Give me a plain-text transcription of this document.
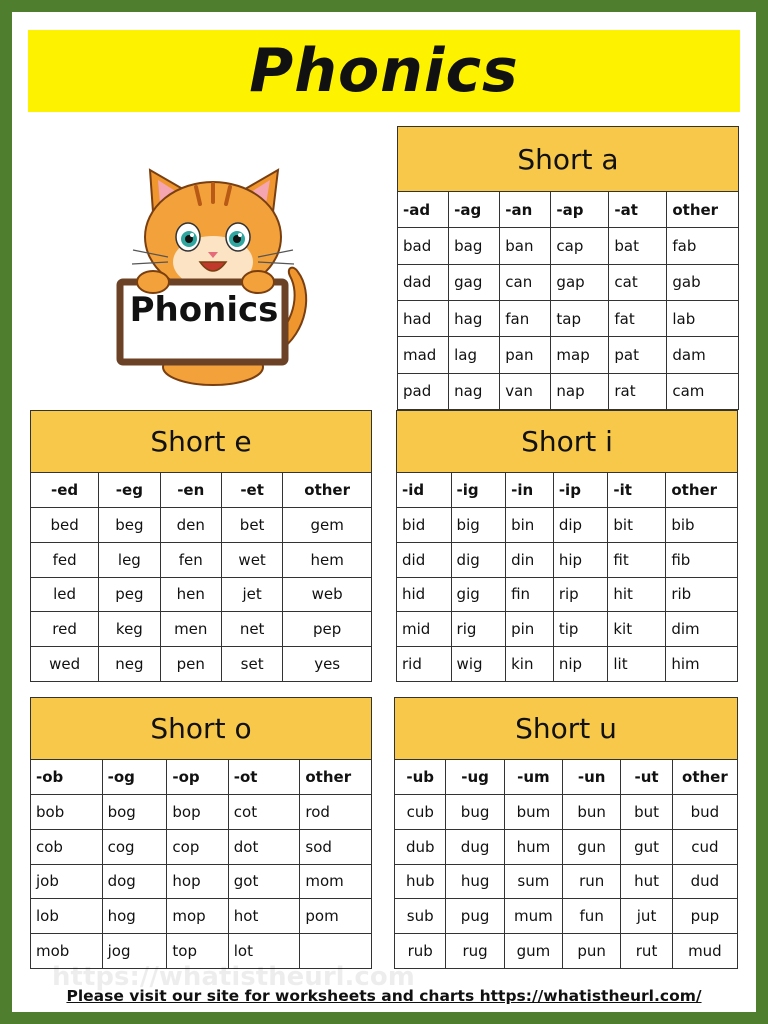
Phonics
Phonics
Short a					
-ad	-ag	-an	-ap	-at	other
bad	bag	ban	cap	bat	fab
dad	gag	can	gap	cat	gab
had	hag	fan	tap	fat	lab
mad	lag	pan	map	pat	dam
pad	nag	van	nap	rat	cam
Short e				
-ed	-eg	-en	-et	other
bed	beg	den	bet	gem
fed	leg	fen	wet	hem
led	peg	hen	jet	web
red	keg	men	net	pep
wed	neg	pen	set	yes
Short i					
-id	-ig	-in	-ip	-it	other
bid	big	bin	dip	bit	bib
did	dig	din	hip	fit	fib
hid	gig	fin	rip	hit	rib
mid	rig	pin	tip	kit	dim
rid	wig	kin	nip	lit	him
Short o				
-ob	-og	-op	-ot	other
bob	bog	bop	cot	rod
cob	cog	cop	dot	sod
job	dog	hop	got	mom
lob	hog	mop	hot	pom
mob	jog	top	lot	
Short u					
-ub	-ug	-um	-un	-ut	other
cub	bug	bum	bun	but	bud
dub	dug	hum	gun	gut	cud
hub	hug	sum	run	hut	dud
sub	pug	mum	fun	jut	pup
rub	rug	gum	pun	rut	mud
https://whatistheurl.com
Please visit our site for worksheets and charts https://whatistheurl.com/
